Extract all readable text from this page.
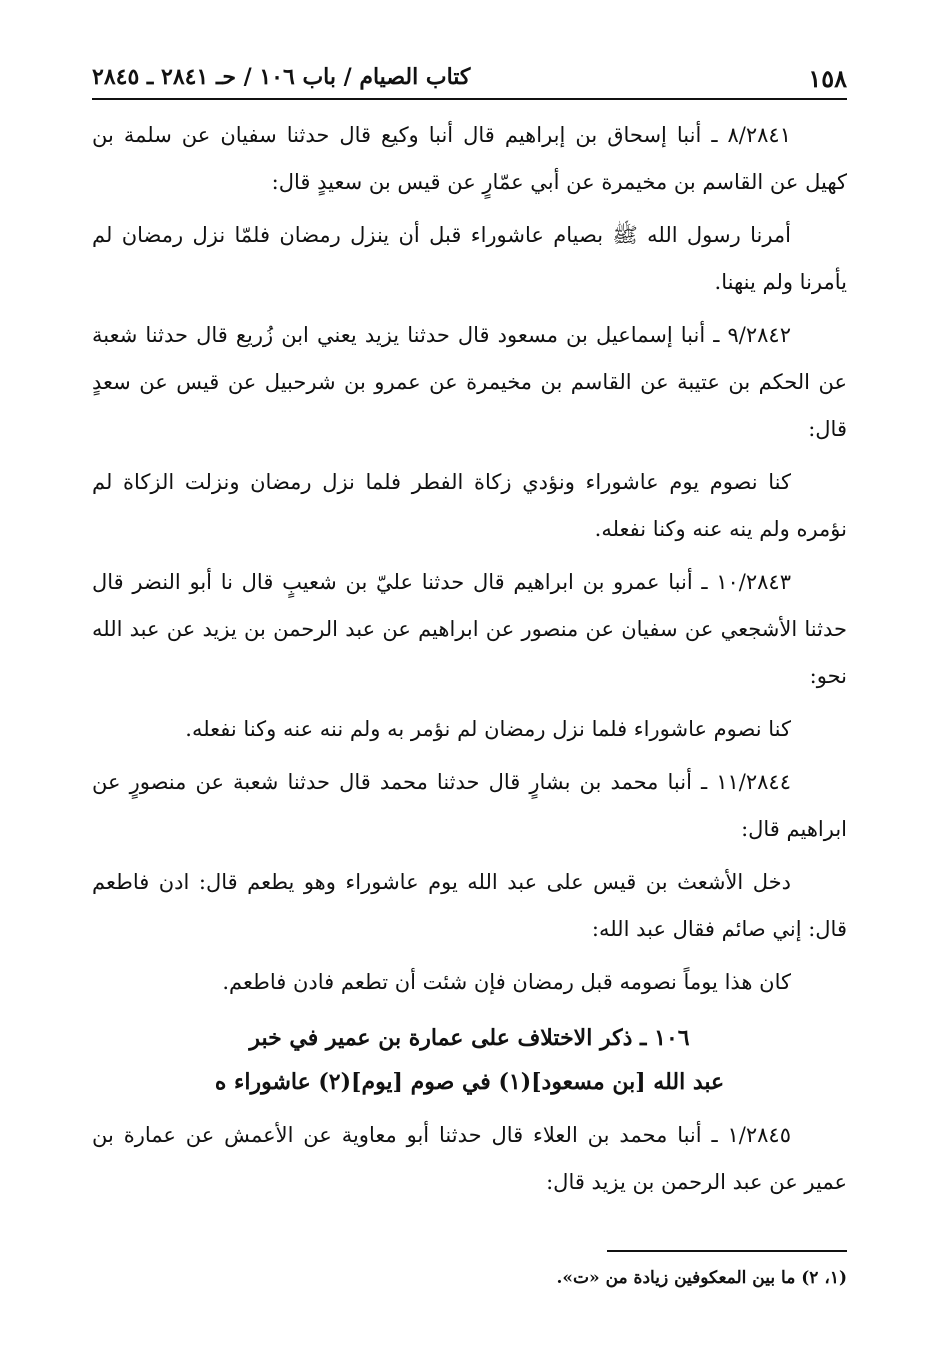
١٥٨
كتاب الصيام / باب ١٠٦ / حـ ٢٨٤١ ـ ٢٨٤٥

٨/٢٨٤١ ـ أنبا إسحاق بن إبراهيم قال أنبا وكيع قال حدثنا سفيان عن سلمة بن كهيل عن القاسم بن مخيمرة عن أبي عمّارٍ عن قيس بن سعيدٍ قال:

أمرنا رسول الله ﷺ بصيام عاشوراء قبل أن ينزل رمضان فلمّا نزل رمضان لم يأمرنا ولم ينهنا.

٩/٢٨٤٢ ـ أنبا إسماعيل بن مسعود قال حدثنا يزيد يعني ابن زُريع قال حدثنا شعبة عن الحكم بن عتيبة عن القاسم بن مخيمرة عن عمرو بن شرحبيل عن قيس عن سعدٍ قال:

كنا نصوم يوم عاشوراء ونؤدي زكاة الفطر فلما نزل رمضان ونزلت الزكاة لم نؤمره ولم ينه عنه وكنا نفعله.

١٠/٢٨٤٣ ـ أنبا عمرو بن ابراهيم قال حدثنا عليّ بن شعيبٍ قال نا أبو النضر قال حدثنا الأشجعي عن سفيان عن منصور عن ابراهيم عن عبد الرحمن بن يزيد عن عبد الله نحو:

كنا نصوم عاشوراء فلما نزل رمضان لم نؤمر به ولم ننه عنه وكنا نفعله.

١١/٢٨٤٤ ـ أنبا محمد بن بشارٍ قال حدثنا محمد قال حدثنا شعبة عن منصورٍ عن ابراهيم قال:

دخل الأشعث بن قيس على عبد الله يوم عاشوراء وهو يطعم قال: ادن فاطعم قال: إني صائم فقال عبد الله:

كان هذا يوماً نصومه قبل رمضان فإن شئت أن تطعم فادن فاطعم.

١٠٦ ـ ذكر الاختلاف على عمارة بن عمير في خبر
عبد الله [بن مسعود](١) في صوم [يوم](٢) عاشوراء ه

١/٢٨٤٥ ـ أنبا محمد بن العلاء قال حدثنا أبو معاوية عن الأعمش عن عمارة بن عمير عن عبد الرحمن بن يزيد قال:

(١، ٢) ما بين المعكوفين زيادة من «ت».
